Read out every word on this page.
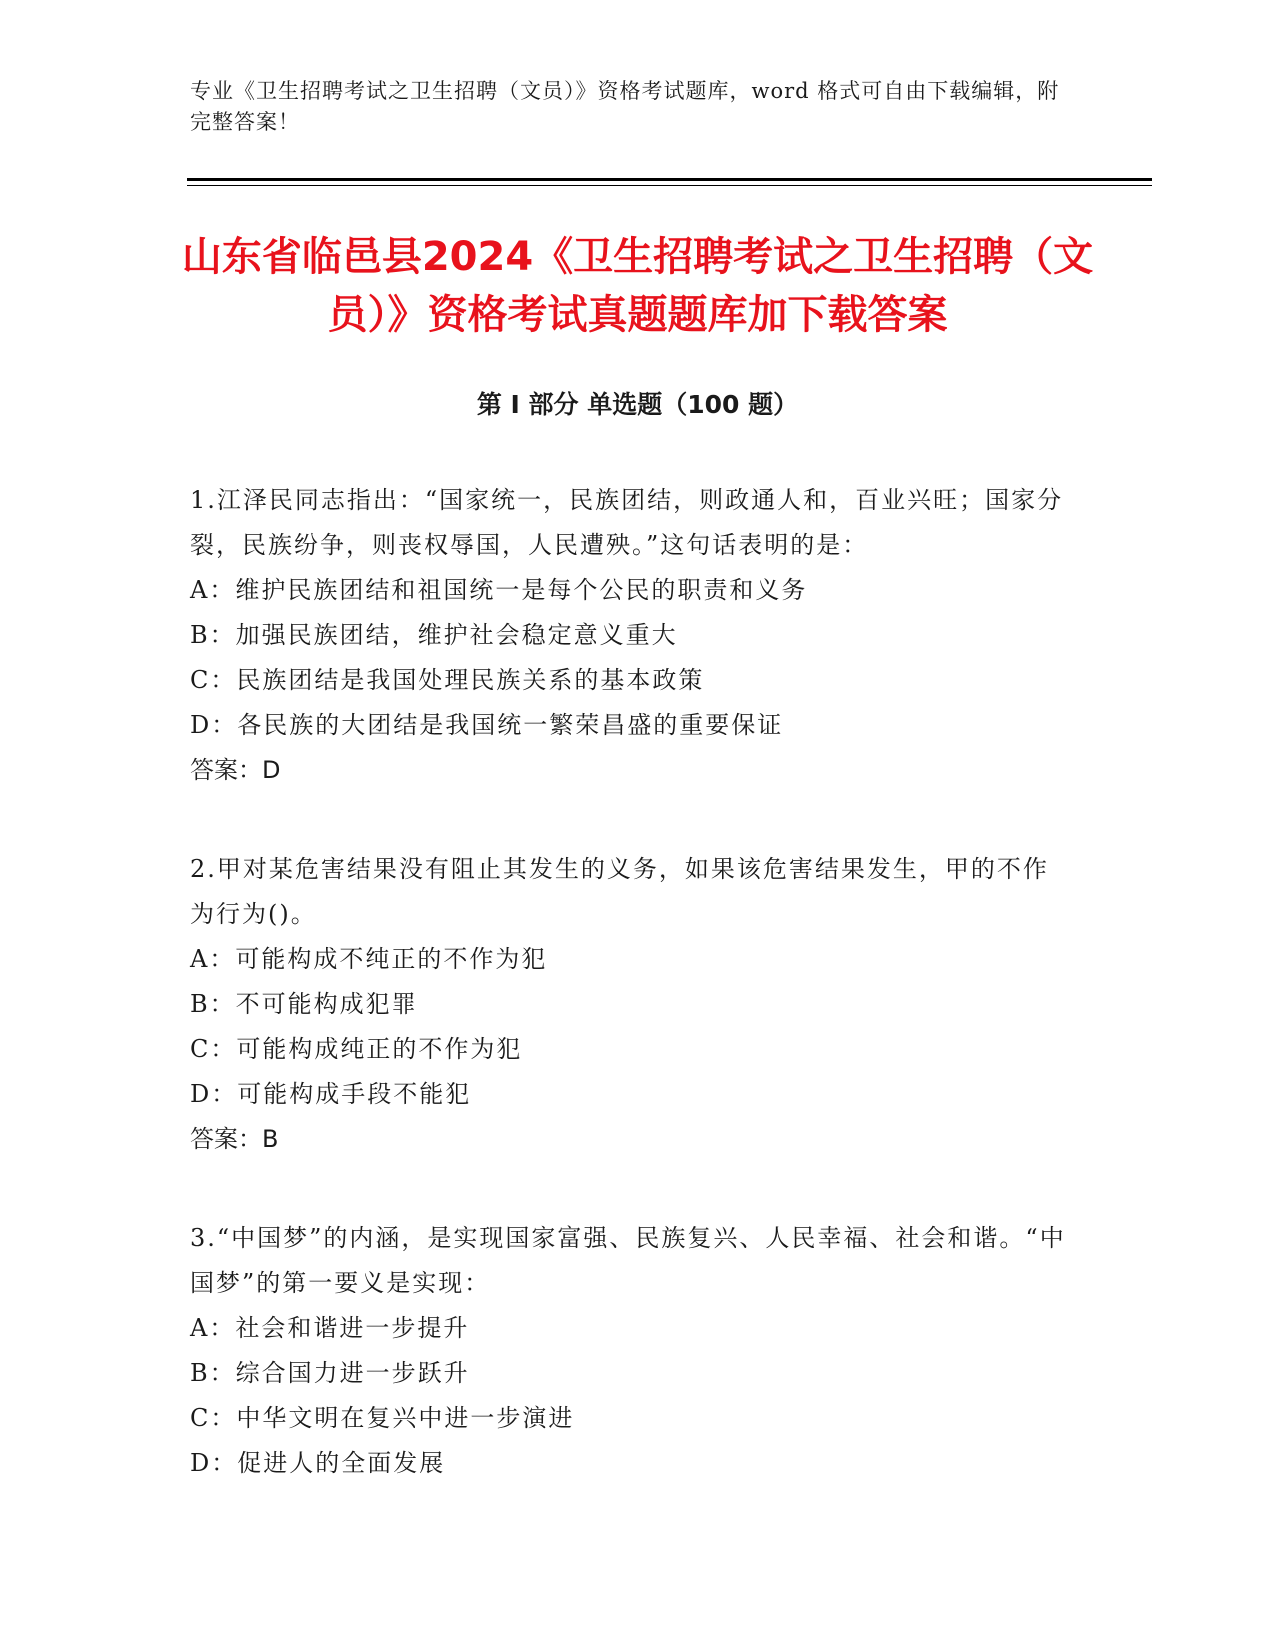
专业《卫生招聘考试之卫生招聘（文员）》资格考试题库，word 格式可自由下载编辑，附完整答案！
山东省临邑县2024《卫生招聘考试之卫生招聘（文员）》资格考试真题题库加下载答案
第 I 部分 单选题（100 题）
1.江泽民同志指出：“国家统一，民族团结，则政通人和，百业兴旺；国家分裂，民族纷争，则丧权辱国，人民遭殃。”这句话表明的是：
A：维护民族团结和祖国统一是每个公民的职责和义务
B：加强民族团结，维护社会稳定意义重大
C：民族团结是我国处理民族关系的基本政策
D：各民族的大团结是我国统一繁荣昌盛的重要保证
答案：D
2.甲对某危害结果没有阻止其发生的义务，如果该危害结果发生，甲的不作为行为()。
A：可能构成不纯正的不作为犯
B：不可能构成犯罪
C：可能构成纯正的不作为犯
D：可能构成手段不能犯
答案：B
3.“中国梦”的内涵，是实现国家富强、民族复兴、人民幸福、社会和谐。“中国梦”的第一要义是实现：
A：社会和谐进一步提升
B：综合国力进一步跃升
C：中华文明在复兴中进一步演进
D：促进人的全面发展
